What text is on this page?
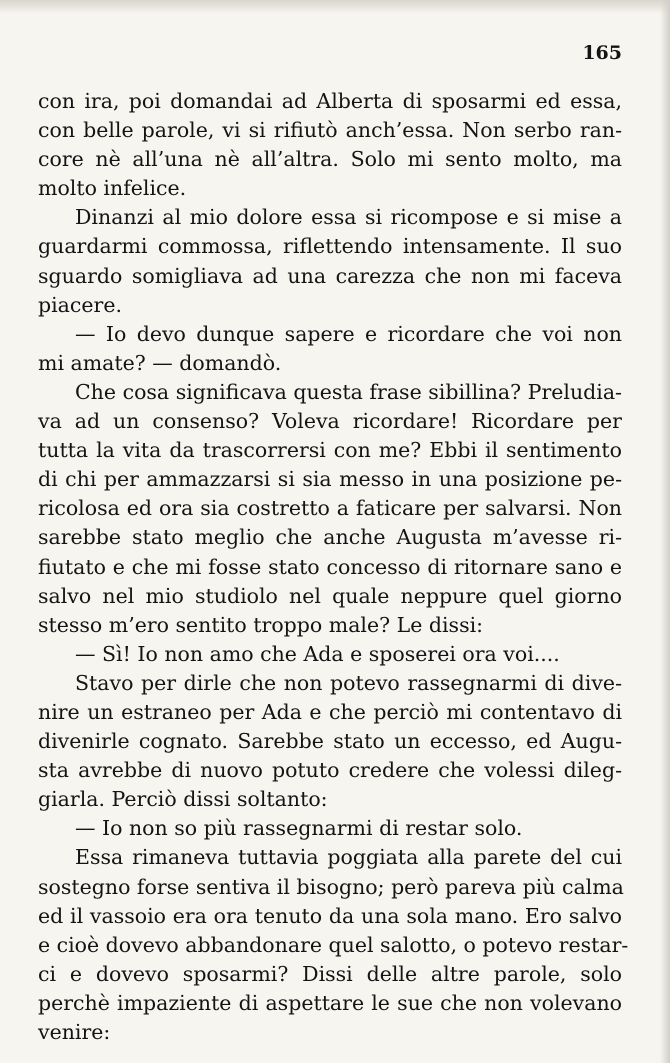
165
con ira, poi domandai ad Alberta di sposarmi ed essa,
con belle parole, vi si rifiutò anch’essa. Non serbo ran-
core nè all’una nè all’altra. Solo mi sento molto, ma
molto infelice.
Dinanzi al mio dolore essa si ricompose e si mise a
guardarmi commossa, riflettendo intensamente. Il suo
sguardo somigliava ad una carezza che non mi faceva
piacere.
— Io devo dunque sapere e ricordare che voi non
mi amate? — domandò.
Che cosa significava questa frase sibillina? Preludia-
va ad un consenso? Voleva ricordare! Ricordare per
tutta la vita da trascorrersi con me? Ebbi il sentimento
di chi per ammazzarsi si sia messo in una posizione pe-
ricolosa ed ora sia costretto a faticare per salvarsi. Non
sarebbe stato meglio che anche Augusta m’avesse ri-
fiutato e che mi fosse stato concesso di ritornare sano e
salvo nel mio studiolo nel quale neppure quel giorno
stesso m’ero sentito troppo male? Le dissi:
— Sì! Io non amo che Ada e sposerei ora voi....
Stavo per dirle che non potevo rassegnarmi di dive-
nire un estraneo per Ada e che perciò mi contentavo di
divenirle cognato. Sarebbe stato un eccesso, ed Augu-
sta avrebbe di nuovo potuto credere che volessi dileg-
giarla. Perciò dissi soltanto:
— Io non so più rassegnarmi di restar solo.
Essa rimaneva tuttavia poggiata alla parete del cui
sostegno forse sentiva il bisogno; però pareva più calma
ed il vassoio era ora tenuto da una sola mano. Ero salvo
e cioè dovevo abbandonare quel salotto, o potevo restar-
ci e dovevo sposarmi? Dissi delle altre parole, solo
perchè impaziente di aspettare le sue che non volevano
venire:
